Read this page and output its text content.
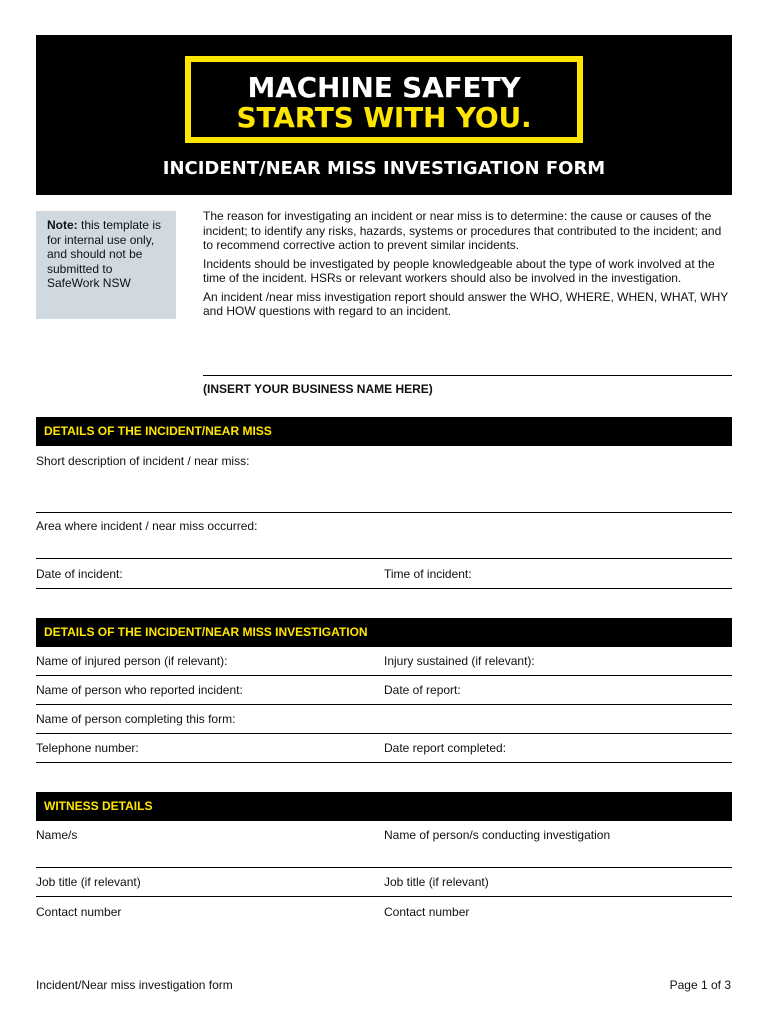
MACHINE SAFETY
STARTS WITH YOU.
INCIDENT/NEAR MISS INVESTIGATION FORM
Note: this template is for internal use only, and should not be submitted to SafeWork NSW

The reason for investigating an incident or near miss is to determine: the cause or causes of the incident; to identify any risks, hazards, systems or procedures that contributed to the incident; and to recommend corrective action to prevent similar incidents.

Incidents should be investigated by people knowledgeable about the type of work involved at the time of the incident. HSRs or relevant workers should also be involved in the investigation.

An incident /near miss investigation report should answer the WHO, WHERE, WHEN, WHAT, WHY and HOW questions with regard to an incident.

(INSERT YOUR BUSINESS NAME HERE)
DETAILS OF THE INCIDENT/NEAR MISS
Short description of incident / near miss:
Area where incident / near miss occurred:
Date of incident:	Time of incident:
DETAILS OF THE INCIDENT/NEAR MISS INVESTIGATION
Name of injured person (if relevant):	Injury sustained (if relevant):
Name of person who reported incident:	Date of report:
Name of person completing this form:
Telephone number:	Date report completed:
WITNESS DETAILS
Name/s	Name of person/s conducting investigation
Job title (if relevant)	Job title (if relevant)
Contact number	Contact number
Incident/Near miss investigation form	Page 1 of 3
